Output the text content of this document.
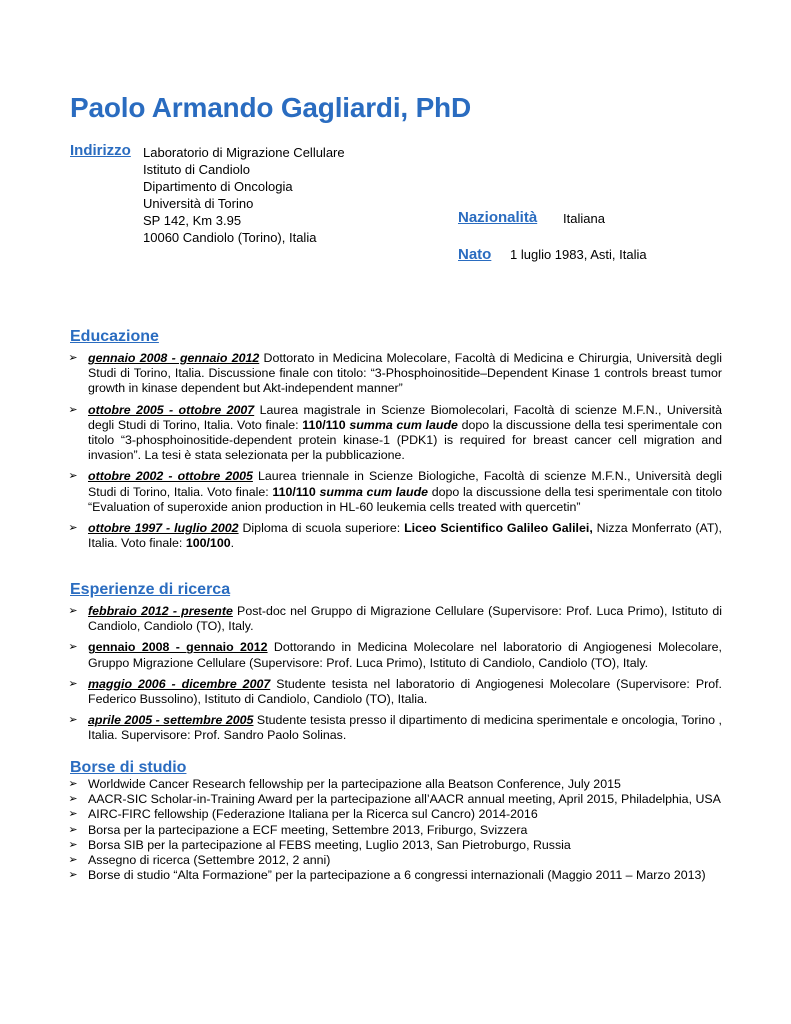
Paolo Armando Gagliardi, PhD
Indirizzo Laboratorio di Migrazione Cellulare
Istituto di Candiolo
Dipartimento di Oncologia
Università di Torino
SP 142, Km 3.95
10060 Candiolo (Torino), Italia
Nazionalità Italiana
Nato 1 luglio 1983, Asti, Italia
Educazione
➢ gennaio 2008 - gennaio 2012 Dottorato in Medicina Molecolare, Facoltà di Medicina e Chirurgia, Università degli Studi di Torino, Italia. Discussione finale con titolo: “3-Phosphoinositide–Dependent Kinase 1 controls breast tumor growth in kinase dependent but Akt-independent manner”
➢ ottobre 2005 - ottobre 2007 Laurea magistrale in Scienze Biomolecolari, Facoltà di scienze M.F.N., Università degli Studi di Torino, Italia. Voto finale: 110/110 summa cum laude dopo la discussione della tesi sperimentale con titolo “3-phosphoinositide-dependent protein kinase-1 (PDK1) is required for breast cancer cell migration and invasion”. La tesi è stata selezionata per la pubblicazione.
➢ ottobre 2002 - ottobre 2005 Laurea triennale in Scienze Biologiche, Facoltà di scienze M.F.N., Università degli Studi di Torino, Italia. Voto finale: 110/110 summa cum laude dopo la discussione della tesi sperimentale con titolo “Evaluation of superoxide anion production in HL-60 leukemia cells treated with quercetin”
➢ ottobre 1997 - luglio 2002 Diploma di scuola superiore: Liceo Scientifico Galileo Galilei, Nizza Monferrato (AT), Italia. Voto finale: 100/100.
Esperienze di ricerca
➢ febbraio 2012 - presente Post-doc nel Gruppo di Migrazione Cellulare (Supervisore: Prof. Luca Primo), Istituto di Candiolo, Candiolo (TO), Italy.
➢ gennaio 2008 - gennaio 2012 Dottorando in Medicina Molecolare nel laboratorio di Angiogenesi Molecolare, Gruppo Migrazione Cellulare (Supervisore: Prof. Luca Primo), Istituto di Candiolo, Candiolo (TO), Italy.
➢ maggio 2006 - dicembre 2007 Studente tesista nel laboratorio di Angiogenesi Molecolare (Supervisore: Prof. Federico Bussolino), Istituto di Candiolo, Candiolo (TO), Italia.
➢ aprile 2005 - settembre 2005 Studente tesista presso il dipartimento di medicina sperimentale e oncologia, Torino , Italia. Supervisore: Prof. Sandro Paolo Solinas.
Borse di studio
➢ Worldwide Cancer Research fellowship per la partecipazione alla Beatson Conference, July 2015
➢ AACR-SIC Scholar-in-Training Award per la partecipazione all’AACR annual meeting, April 2015, Philadelphia, USA
➢ AIRC-FIRC fellowship (Federazione Italiana per la Ricerca sul Cancro) 2014-2016
➢ Borsa per la partecipazione a ECF meeting, Settembre 2013, Friburgo, Svizzera
➢ Borsa SIB per la partecipazione al FEBS meeting, Luglio 2013, San Pietroburgo, Russia
➢ Assegno di ricerca (Settembre 2012, 2 anni)
➢ Borse di studio “Alta Formazione” per la partecipazione a 6 congressi internazionali (Maggio 2011 – Marzo 2013)
